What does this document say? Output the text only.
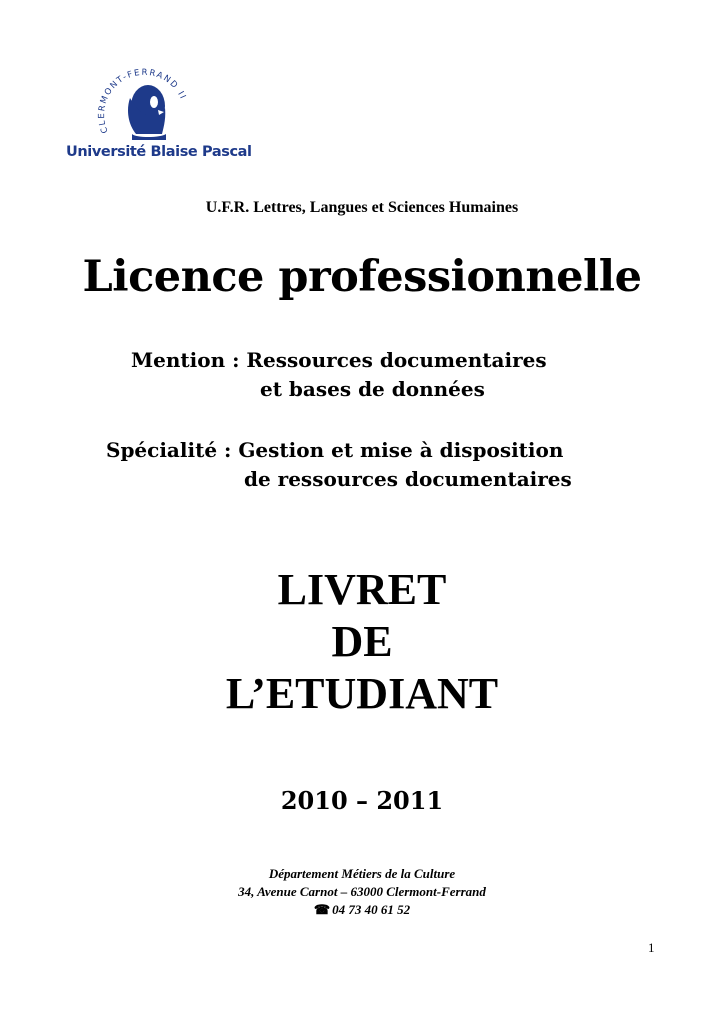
CLERMONT-FERRAND II
Université Blaise Pascal
U.F.R. Lettres, Langues et Sciences Humaines
Licence professionnelle
Mention : Ressources documentaires
et bases de données
Spécialité : Gestion et mise à disposition
de ressources documentaires
LIVRET
DE
L’ETUDIANT
2010 – 2011
Département Métiers de la Culture
34, Avenue Carnot – 63000 Clermont-Ferrand
☎ 04 73 40 61 52
1
